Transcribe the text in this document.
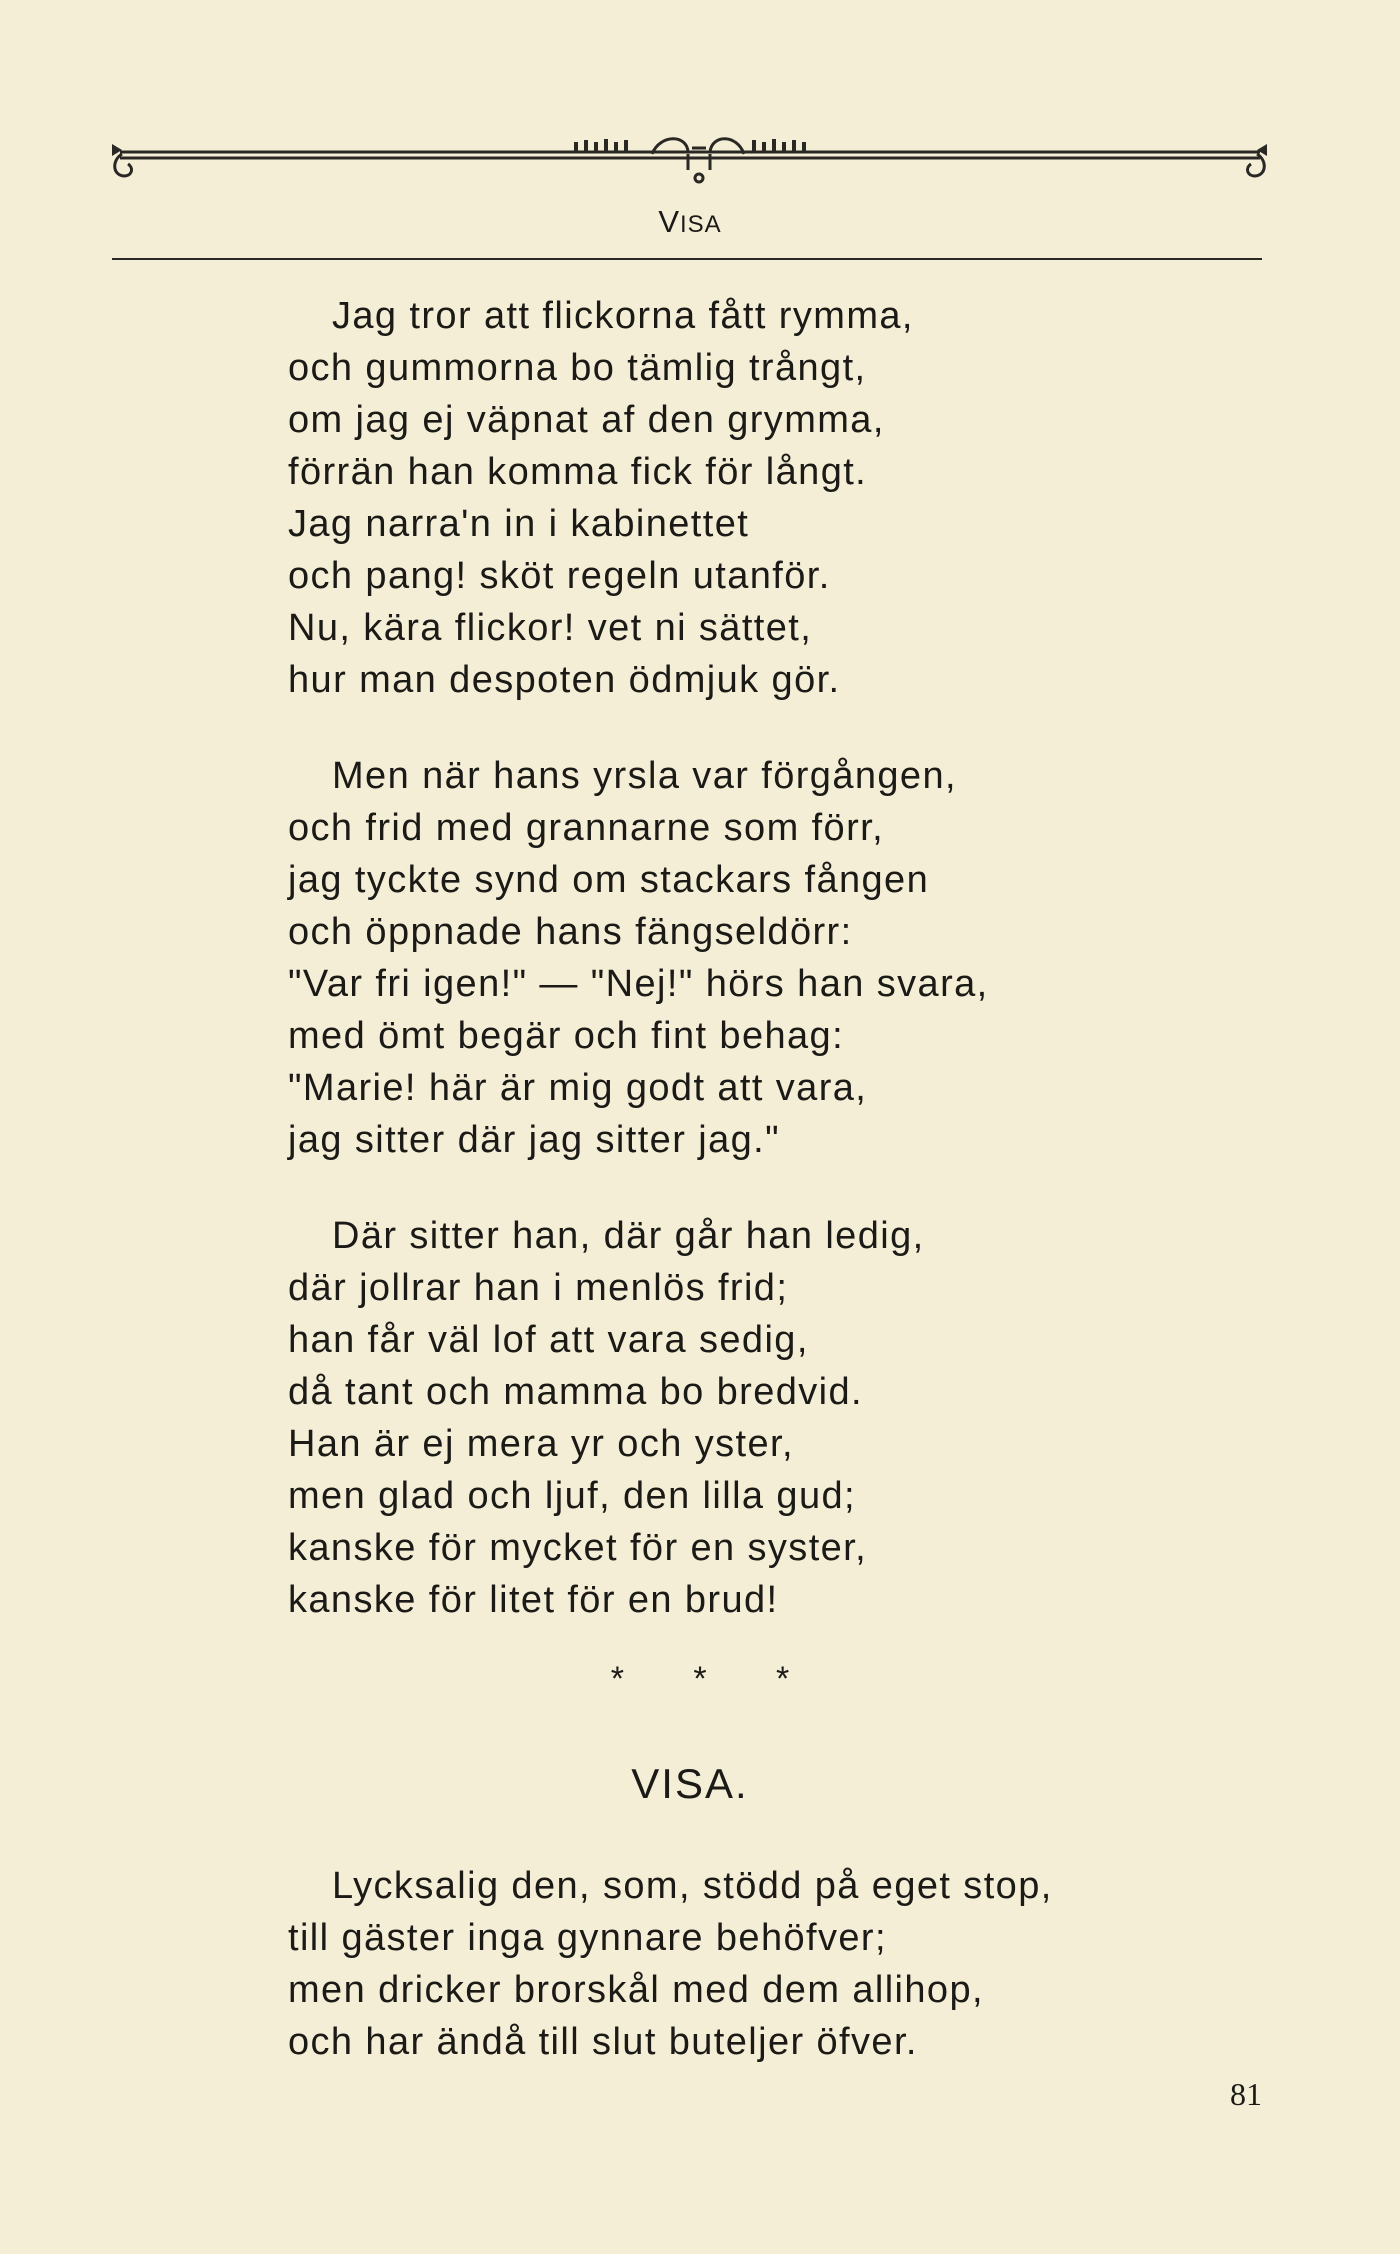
VISA
Jag tror att flickorna fått rymma,
och gummorna bo tämlig trångt,
om jag ej väpnat af den grymma,
förrän han komma fick för långt.
Jag narra'n in i kabinettet
och pang! sköt regeln utanför.
Nu, kära flickor! vet ni sättet,
hur man despoten ödmjuk gör.
Men när hans yrsla var förgången,
och frid med grannarne som förr,
jag tyckte synd om stackars fången
och öppnade hans fängseldörr:
"Var fri igen!" — "Nej!" hörs han svara,
med ömt begär och fint behag:
"Marie! här är mig godt att vara,
jag sitter där jag sitter jag."
Där sitter han, där går han ledig,
där jollrar han i menlös frid;
han får väl lof att vara sedig,
då tant och mamma bo bredvid.
Han är ej mera yr och yster,
men glad och ljuf, den lilla gud;
kanske för mycket för en syster,
kanske för litet för en brud!
* * *
VISA.
Lycksalig den, som, stödd på eget stop,
till gäster inga gynnare behöfver;
men dricker brorskål med dem allihop,
och har ändå till slut buteljer öfver.
81
